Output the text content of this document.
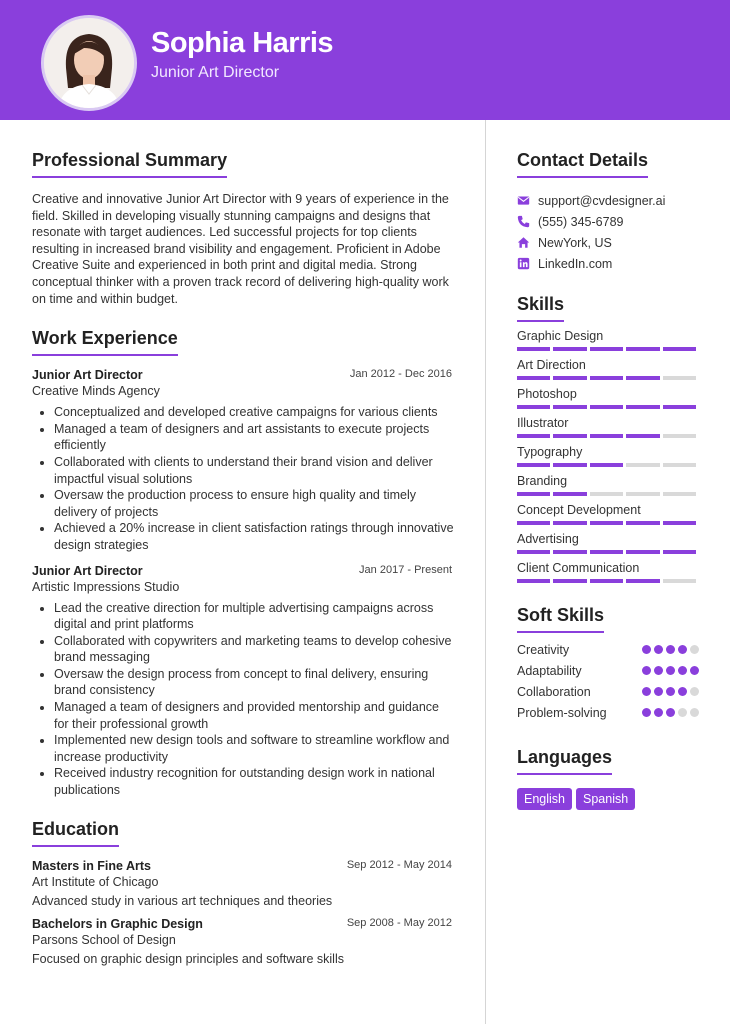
Sophia Harris
Junior Art Director
Professional Summary
Creative and innovative Junior Art Director with 9 years of experience in the field. Skilled in developing visually stunning campaigns and designs that resonate with target audiences. Led successful projects for top clients resulting in increased brand visibility and engagement. Proficient in Adobe Creative Suite and experienced in both print and digital media. Strong conceptual thinker with a proven track record of delivering high-quality work on time and within budget.
Work Experience
Junior Art Director	Jan 2012 - Dec 2016
Creative Minds Agency
• Conceptualized and developed creative campaigns for various clients
• Managed a team of designers and art assistants to execute projects efficiently
• Collaborated with clients to understand their brand vision and deliver impactful visual solutions
• Oversaw the production process to ensure high quality and timely delivery of projects
• Achieved a 20% increase in client satisfaction ratings through innovative design strategies
Junior Art Director	Jan 2017 - Present
Artistic Impressions Studio
• Lead the creative direction for multiple advertising campaigns across digital and print platforms
• Collaborated with copywriters and marketing teams to develop cohesive brand messaging
• Oversaw the design process from concept to final delivery, ensuring brand consistency
• Managed a team of designers and provided mentorship and guidance for their professional growth
• Implemented new design tools and software to streamline workflow and increase productivity
• Received industry recognition for outstanding design work in national publications
Education
Masters in Fine Arts	Sep 2012 - May 2014
Art Institute of Chicago
Advanced study in various art techniques and theories
Bachelors in Graphic Design	Sep 2008 - May 2012
Parsons School of Design
Focused on graphic design principles and software skills
Contact Details
support@cvdesigner.ai
(555) 345-6789
NewYork, US
LinkedIn.com
Skills
Graphic Design
Art Direction
Photoshop
Illustrator
Typography
Branding
Concept Development
Advertising
Client Communication
Soft Skills
Creativity
Adaptability
Collaboration
Problem-solving
Languages
English	Spanish
